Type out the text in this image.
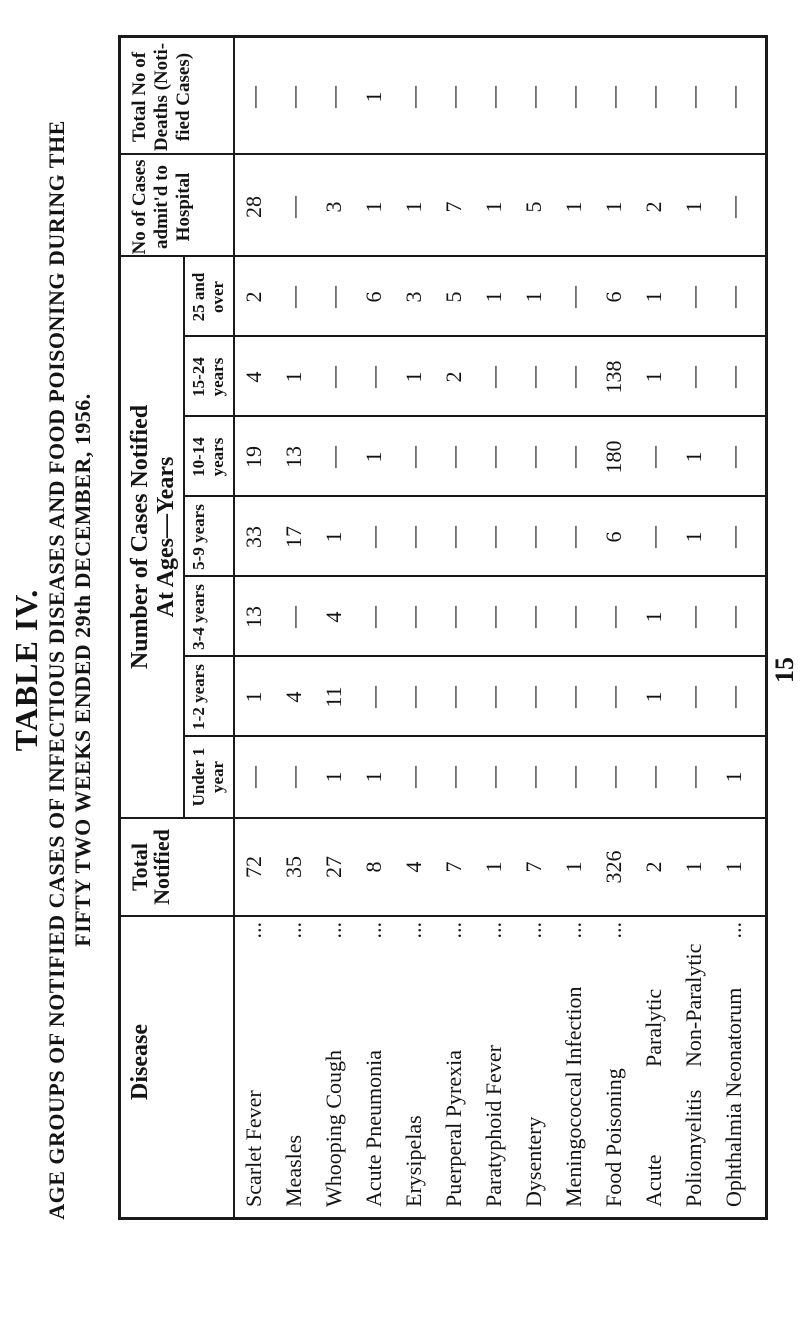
TABLE IV. AGE GROUPS OF NOTIFIED CASES OF INFECTIOUS DISEASES AND FOOD POISONING DURING THE FIFTY TWO WEEKS ENDED 29th DECEMBER, 1956.
Disease
Total Notified
Number of Cases Notified At Ages—Years
No of Cases admit'd to Hospital
Total No of Deaths (Noti-fied Cases)
Under 1 year
1-2 years
3-4 years
5-9 years
10-14 years
15-24 years
25 and over
Scarlet Fever
...
72
—
1
13
33
19
4
2
28
—
Measles
...
35
—
4
—
17
13
1
—
—
—
Whooping Cough
...
27
1
11
4
1
—
—
—
3
—
Acute Pneumonia
...
8
1
—
—
—
1
—
6
1
1
Erysipelas
...
4
—
—
—
—
—
1
3
1
—
Puerperal Pyrexia
...
7
—
—
—
—
—
2
5
7
—
Paratyphoid Fever
...
1
—
—
—
—
—
—
1
1
—
Dysentery
...
7
—
—
—
—
—
—
1
5
—
Meningococcal Infection
...
1
—
—
—
—
—
—
—
1
—
Food Poisoning
...
326
—
—
—
6
180
138
6
1
—
Acute
2
—
1
1
—
—
1
1
2
—
Poliomyelitis
1
—
—
—
1
1
—
—
1
—
Ophthalmia Neonatorum
...
1
1
—
—
—
—
—
—
—
—
Paralytic Non-Paralytic
15
